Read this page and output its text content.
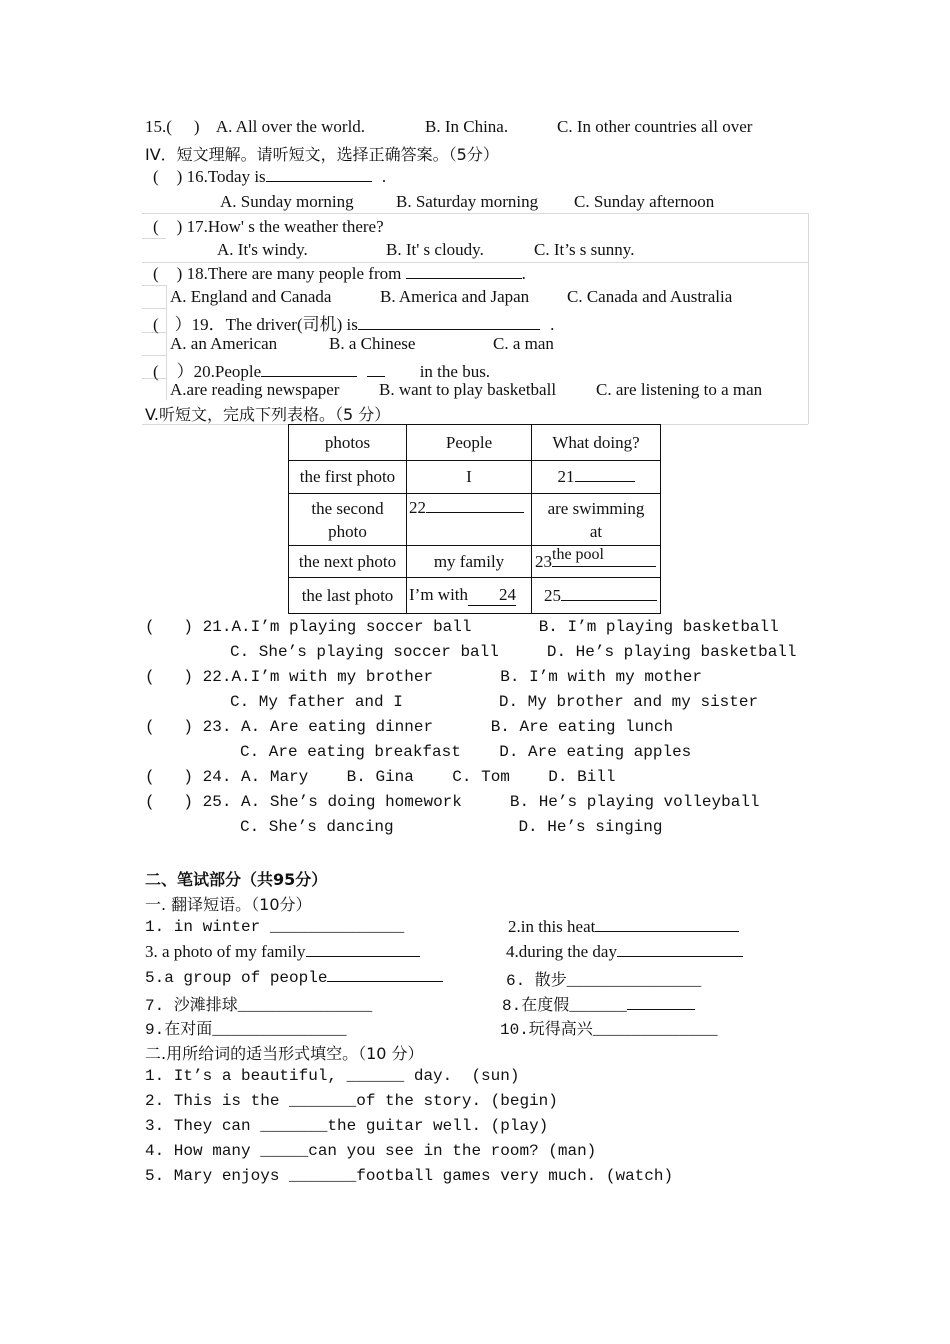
15.( ) A. All over the world.	B. In China.	C. In other countries all over
IV．短文理解。请听短文，选择正确答案。（5分）
( ) 16.Today is	.
A. Sunday morning B. Saturday morning C. Sunday afternoon
( ) 17.How' s the weather there?
A. It's windy.	B. It' s cloudy.	C. It’s s sunny.
( ) 18.There are many people from	.
A. England and Canada	B. America and Japan C. Canada and Australia
( ）19．The driver(司机) is	.
A. an American	B. a Chinese	C. a man
( ）20.People	in the bus.
A.are reading newspaper B. want to play basketball C. are listening to a man
V.听短文，完成下列表格。（5 分）
photos	People	What doing?
the first photo	I	21
the second photo	22	are swimming at
the next photo	my family	23 the pool

the last photo	I’m with 24	25
( ) 21.A.I’m playing soccer ball       B. I’m playing basketball
C. She’s playing soccer ball     D. He’s playing basketball
( ) 22.A.I’m with my brother       B. I’m with my mother
C. My father and I          D. My brother and my sister
( ) 23. A. Are eating dinner      B. Are eating lunch
C. Are eating breakfast    D. Are eating apples
( ) 24. A. Mary    B. Gina    C. Tom    D. Bill
( ) 25. A. She’s doing homework     B. He’s playing volleyball
C. She’s dancing             D. He’s singing
二、笔试部分（共95分）
一. 翻译短语。（10分）
1. in winter ______________	2.in this heat
3. a photo of my family	4.during the day
5.a group of people	6. 散步______________
7. 沙滩排球______________	8.在度假______
9.在对面______________	10.玩得高兴_____________
二.用所给词的适当形式填空。（10 分）
1. It’s a beautiful, ______ day.  (sun)
2. This is the _______of the story. (begin)
3. They can _______the guitar well. (play)
4. How many _____can you see in the room? (man)
5. Mary enjoys _______football games very much. (watch)
